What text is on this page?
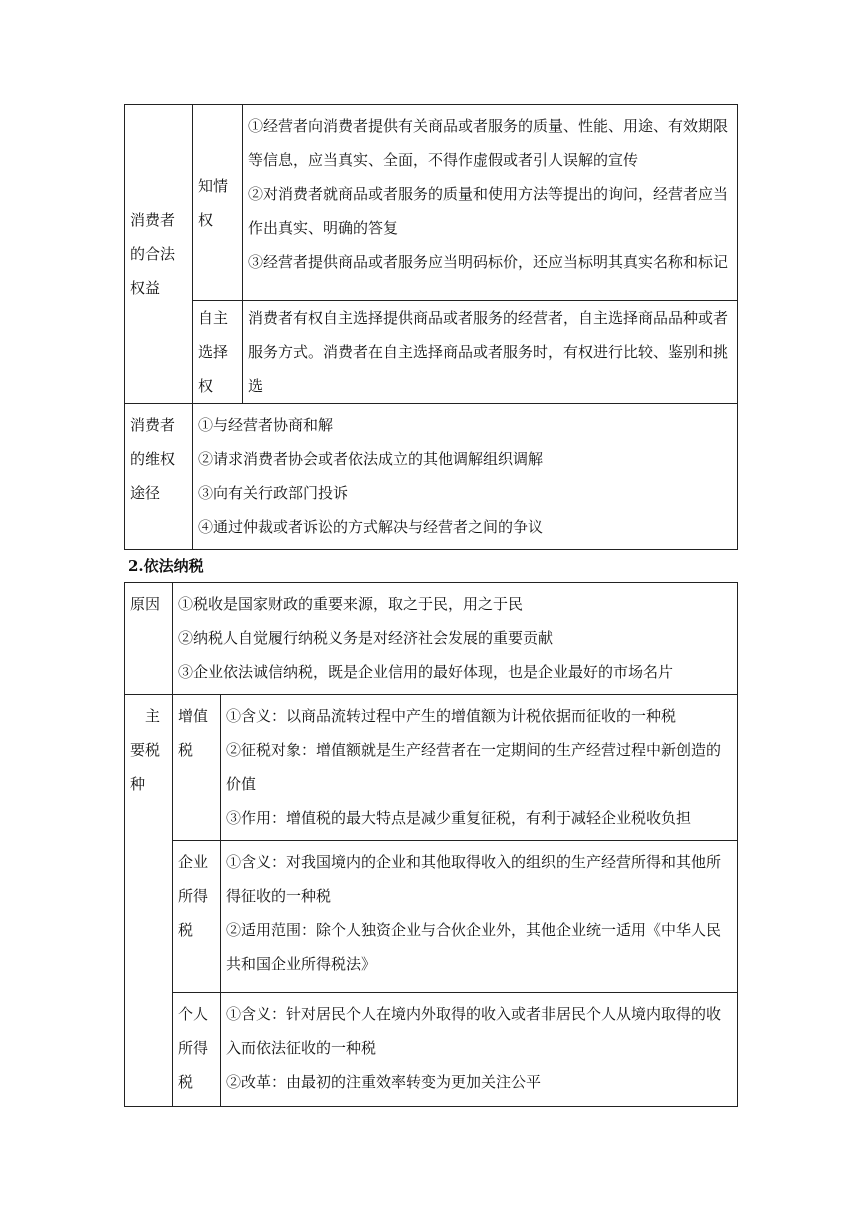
消费者的合法权益	知情权	①经营者向消费者提供有关商品或者服务的质量、性能、用途、有效期限等信息，应当真实、全面，不得作虚假或者引人误解的宣传
②对消费者就商品或者服务的质量和使用方法等提出的询问，经营者应当作出真实、明确的答复
③经营者提供商品或者服务应当明码标价，还应当标明其真实名称和标记

	自主选择权	消费者有权自主选择提供商品或者服务的经营者，自主选择商品品种或者服务方式。消费者在自主选择商品或者服务时，有权进行比较、鉴别和挑选

消费者的维权途径	①与经营者协商和解
②请求消费者协会或者依法成立的其他调解组织调解
③向有关行政部门投诉
④通过仲裁或者诉讼的方式解决与经营者之间的争议	
2.依法纳税
原因	①税收是国家财政的重要来源，取之于民，用之于民
②纳税人自觉履行纳税义务是对经济社会发展的重要贡献
③企业依法诚信纳税，既是企业信用的最好体现，也是企业最好的市场名片	

主要税种	增值税	①含义：以商品流转过程中产生的增值额为计税依据而征收的一种税
②征税对象：增值额就是生产经营者在一定期间的生产经营过程中新创造的价值
③作用：增值税的最大特点是减少重复征税，有利于减轻企业税收负担

	企业所得税	①含义：对我国境内的企业和其他取得收入的组织的生产经营所得和其他所得征收的一种税
②适用范围：除个人独资企业与合伙企业外，其他企业统一适用《中华人民共和国企业所得税法》

	个人所得税	①含义：针对居民个人在境内外取得的收入或者非居民个人从境内取得的收入而依法征收的一种税
②改革：由最初的注重效率转变为更加关注公平
